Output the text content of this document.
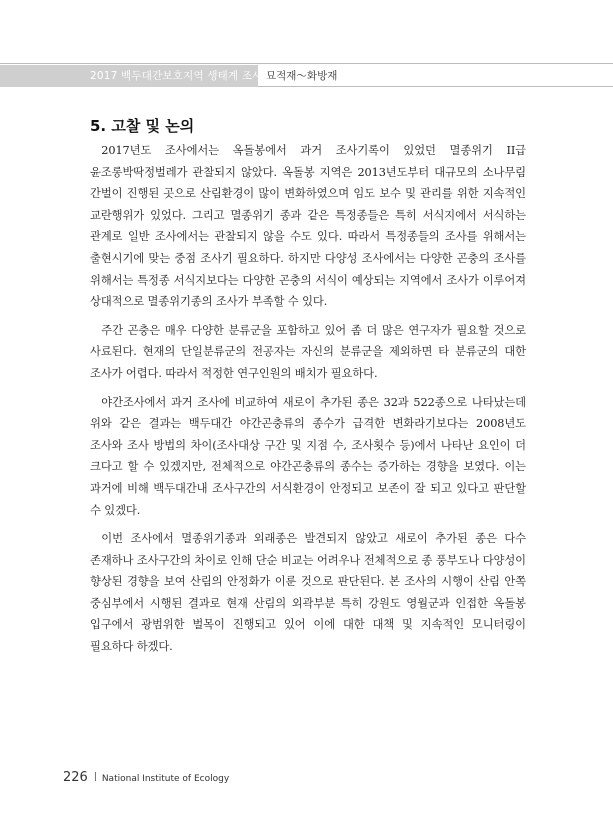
2017 백두대간보호지역 생태계 조사 묘적재～화방재
5. 고찰 및 논의

2017년도 조사에서는 옥돌봉에서 과거 조사기록이 있었던 멸종위기 II급 윤조롱박딱정벌레가 관찰되지 않았다. 옥돌봉 지역은 2013년도부터 대규모의 소나무림 간벌이 진행된 곳으로 산림환경이 많이 변화하였으며 임도 보수 및 관리를 위한 지속적인 교란행위가 있었다. 그리고 멸종위기 종과 같은 특정종들은 특히 서식지에서 서식하는 관계로 일반 조사에서는 관찰되지 않을 수도 있다. 따라서 특정종들의 조사를 위해서는 출현시기에 맞는 중점 조사기 필요하다. 하지만 다양성 조사에서는 다양한 곤충의 조사를 위해서는 특정종 서식지보다는 다양한 곤충의 서식이 예상되는 지역에서 조사가 이루어져 상대적으로 멸종위기종의 조사가 부족할 수 있다.

주간 곤충은 매우 다양한 분류군을 포함하고 있어 좀 더 많은 연구자가 필요할 것으로 사료된다. 현재의 단일분류군의 전공자는 자신의 분류군을 제외하면 타 분류군의 대한 조사가 어렵다. 따라서 적정한 연구인원의 배치가 필요하다.

야간조사에서 과거 조사에 비교하여 새로이 추가된 종은 32과 522종으로 나타났는데 위와 같은 결과는 백두대간 야간곤충류의 종수가 급격한 변화라기보다는 2008년도 조사와 조사 방법의 차이(조사대상 구간 및 지점 수, 조사횟수 등)에서 나타난 요인이 더 크다고 할 수 있겠지만, 전체적으로 야간곤충류의 종수는 증가하는 경향을 보였다. 이는 과거에 비해 백두대간내 조사구간의 서식환경이 안정되고 보존이 잘 되고 있다고 판단할 수 있겠다.

이번 조사에서 멸종위기종과 외래종은 발견되지 않았고 새로이 추가된 종은 다수 존재하나 조사구간의 차이로 인해 단순 비교는 어려우나 전체적으로 종 풍부도나 다양성이 향상된 경향을 보여 산림의 안정화가 이룬 것으로 판단된다. 본 조사의 시행이 산림 안쪽 중심부에서 시행된 결과로 현재 산림의 외곽부분 특히 강원도 영월군과 인접한 옥돌봉 입구에서 광범위한 벌목이 진행되고 있어 이에 대한 대책 및 지속적인 모니터링이 필요하다 하겠다.

226 National Institute of Ecology
